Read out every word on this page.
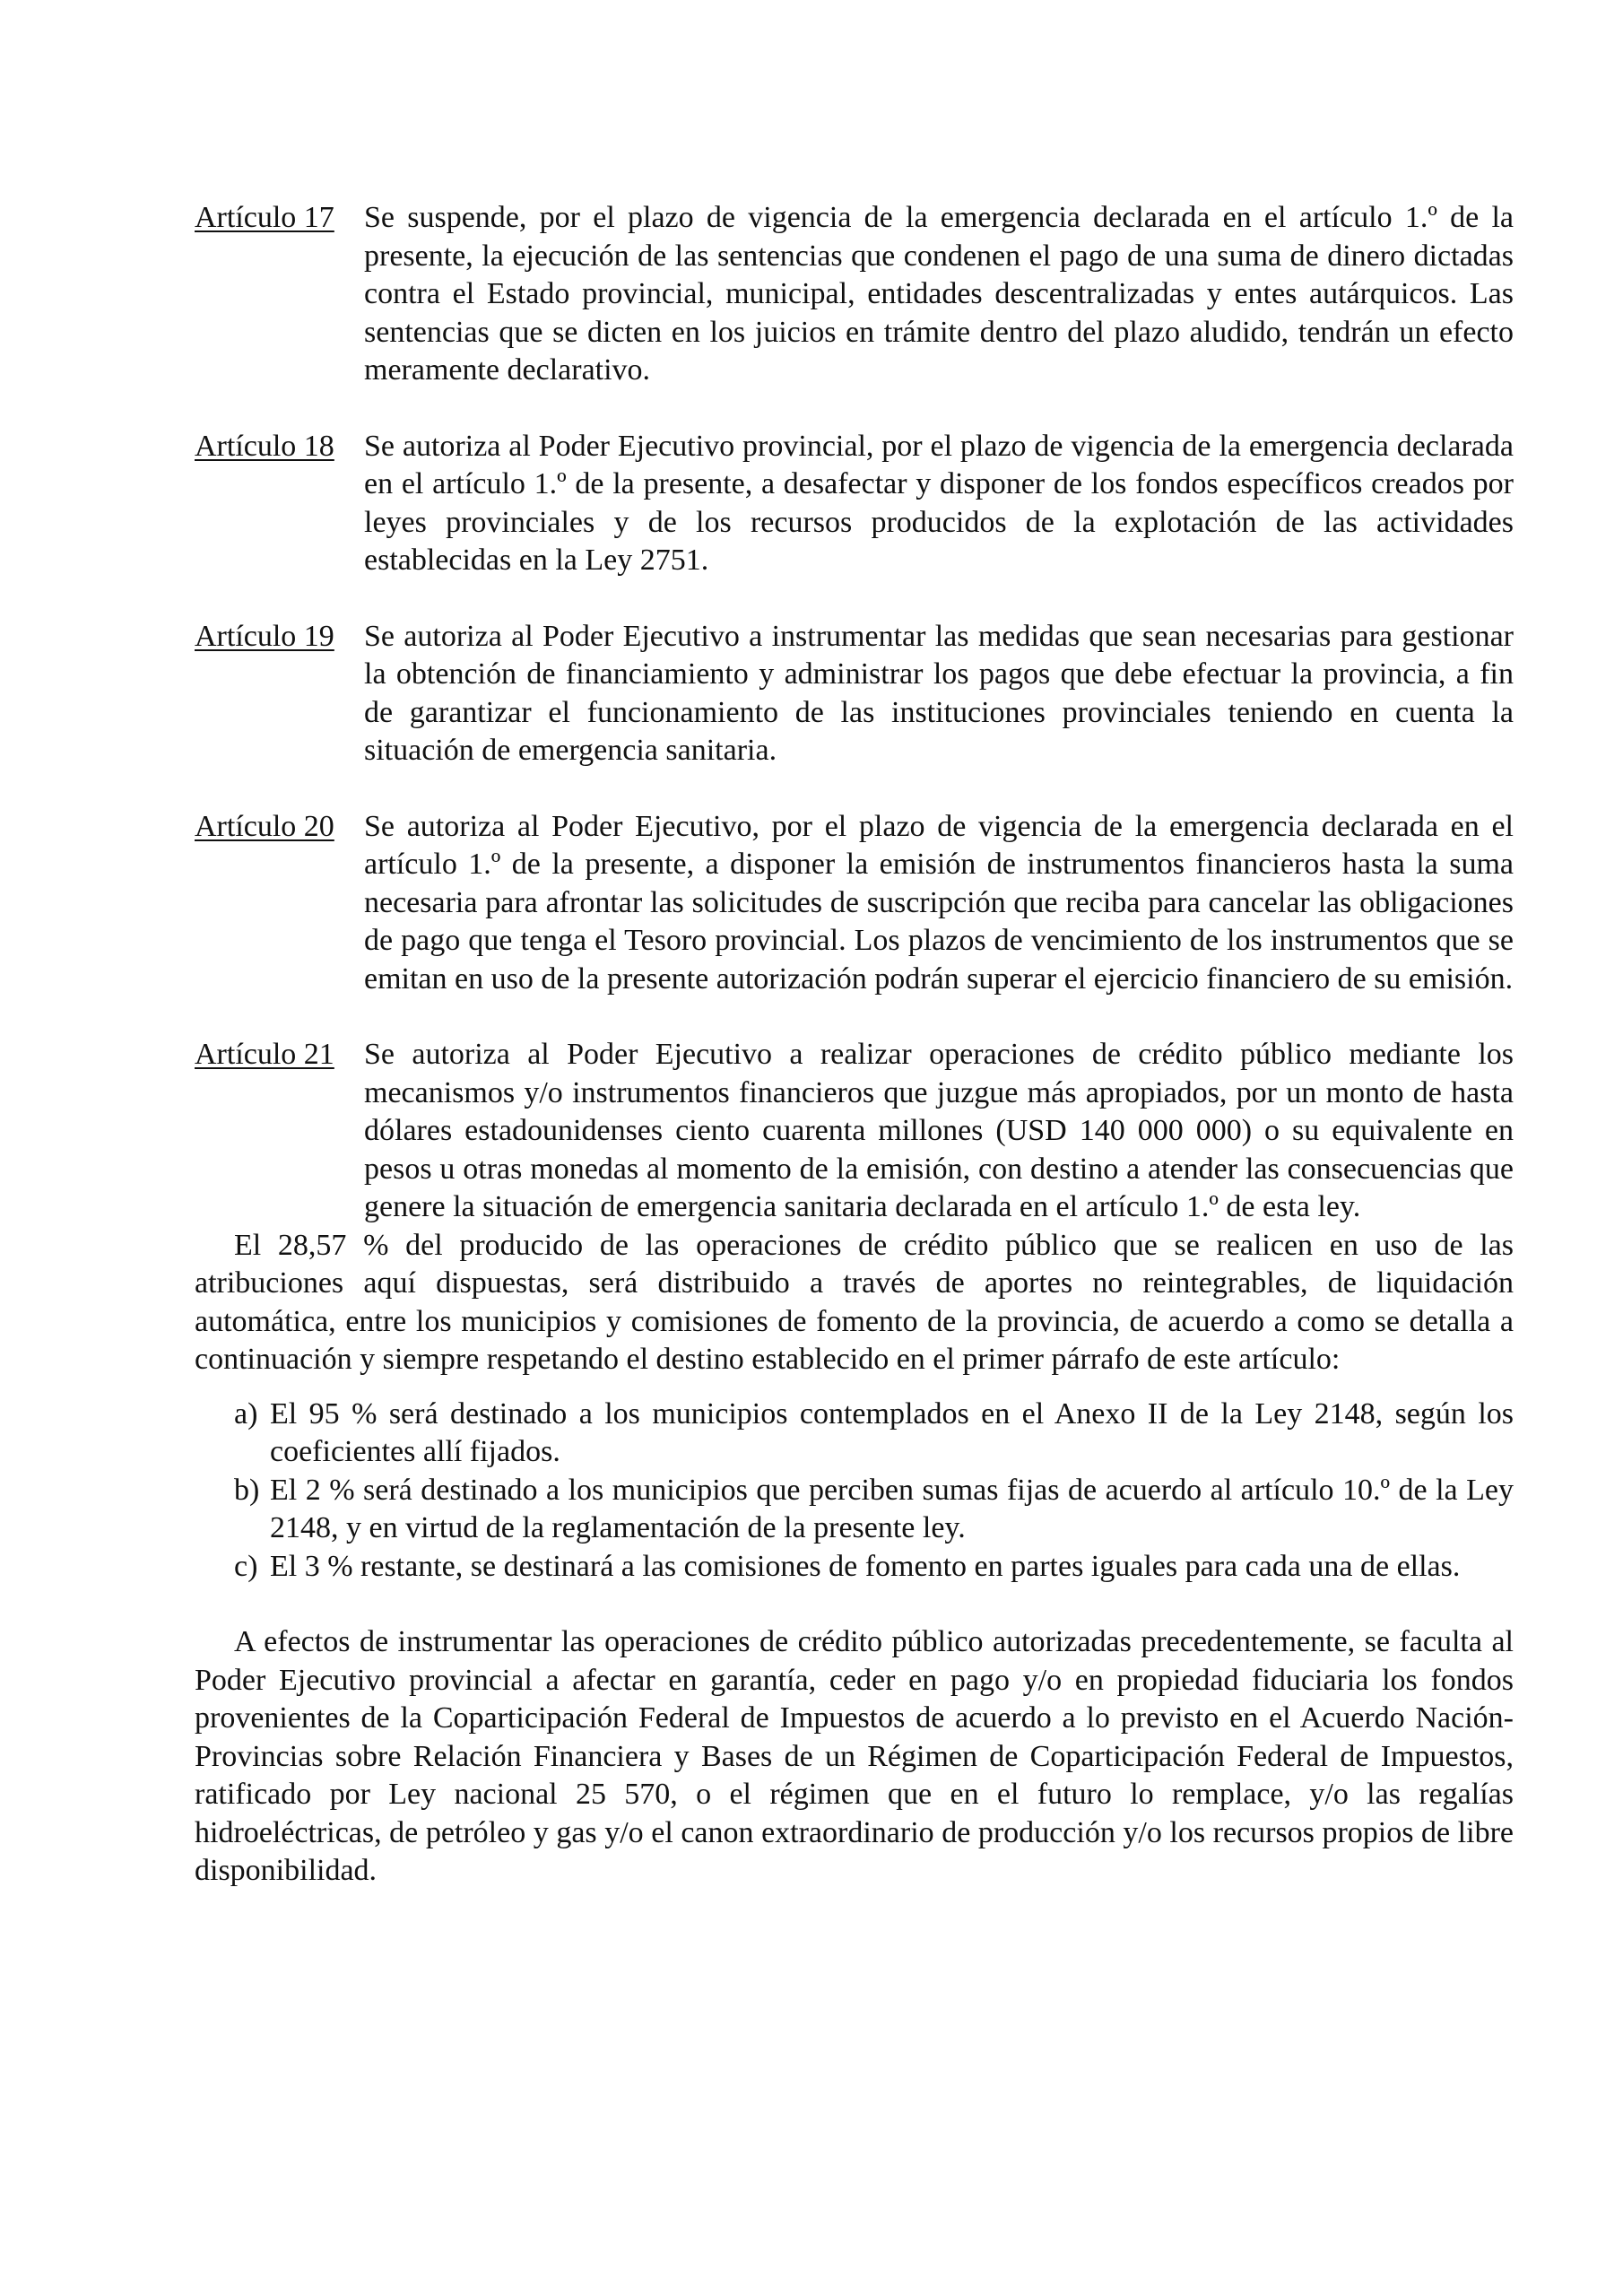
Artículo 17 Se suspende, por el plazo de vigencia de la emergencia declarada en el artículo 1.º de la presente, la ejecución de las sentencias que condenen el pago de una suma de dinero dictadas contra el Estado provincial, municipal, entidades descentralizadas y entes autárquicos. Las sentencias que se dicten en los juicios en trámite dentro del plazo aludido, tendrán un efecto meramente declarativo.

Artículo 18 Se autoriza al Poder Ejecutivo provincial, por el plazo de vigencia de la emergencia declarada en el artículo 1.º de la presente, a desafectar y disponer de los fondos específicos creados por leyes provinciales y de los recursos producidos de la explotación de las actividades establecidas en la Ley 2751.

Artículo 19 Se autoriza al Poder Ejecutivo a instrumentar las medidas que sean necesarias para gestionar la obtención de financiamiento y administrar los pagos que debe efectuar la provincia, a fin de garantizar el funcionamiento de las instituciones provinciales teniendo en cuenta la situación de emergencia sanitaria.

Artículo 20 Se autoriza al Poder Ejecutivo, por el plazo de vigencia de la emergencia declarada en el artículo 1.º de la presente, a disponer la emisión de instrumentos financieros hasta la suma necesaria para afrontar las solicitudes de suscripción que reciba para cancelar las obligaciones de pago que tenga el Tesoro provincial. Los plazos de vencimiento de los instrumentos que se emitan en uso de la presente autorización podrán superar el ejercicio financiero de su emisión.

Artículo 21 Se autoriza al Poder Ejecutivo a realizar operaciones de crédito público mediante los mecanismos y/o instrumentos financieros que juzgue más apropiados, por un monto de hasta dólares estadounidenses ciento cuarenta millones (USD 140 000 000) o su equivalente en pesos u otras monedas al momento de la emisión, con destino a atender las consecuencias que genere la situación de emergencia sanitaria declarada en el artículo 1.º de esta ley.

El 28,57 % del producido de las operaciones de crédito público que se realicen en uso de las atribuciones aquí dispuestas, será distribuido a través de aportes no reintegrables, de liquidación automática, entre los municipios y comisiones de fomento de la provincia, de acuerdo a como se detalla a continuación y siempre respetando el destino establecido en el primer párrafo de este artículo:

a) El 95 % será destinado a los municipios contemplados en el Anexo II de la Ley 2148, según los coeficientes allí fijados.
b) El 2 % será destinado a los municipios que perciben sumas fijas de acuerdo al artículo 10.º de la Ley 2148, y en virtud de la reglamentación de la presente ley.
c) El 3 % restante, se destinará a las comisiones de fomento en partes iguales para cada una de ellas.

A efectos de instrumentar las operaciones de crédito público autorizadas precedentemente, se faculta al Poder Ejecutivo provincial a afectar en garantía, ceder en pago y/o en propiedad fiduciaria los fondos provenientes de la Coparticipación Federal de Impuestos de acuerdo a lo previsto en el Acuerdo Nación-Provincias sobre Relación Financiera y Bases de un Régimen de Coparticipación Federal de Impuestos, ratificado por Ley nacional 25 570, o el régimen que en el futuro lo remplace, y/o las regalías hidroeléctricas, de petróleo y gas y/o el canon extraordinario de producción y/o los recursos propios de libre disponibilidad.
